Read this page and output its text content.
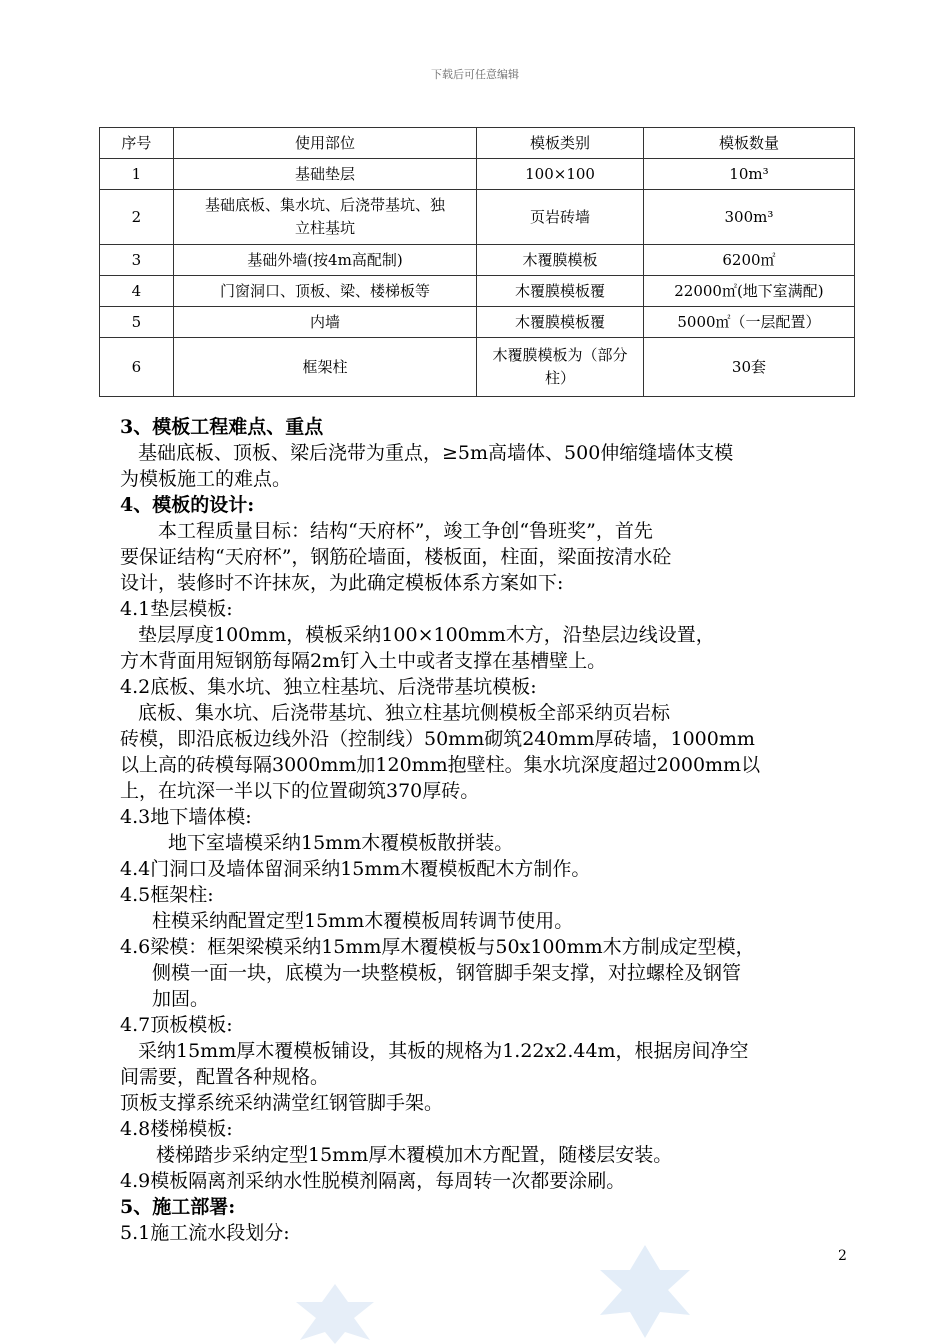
下载后可任意编辑
序号	使用部位	模板类别	模板数量
1	基础垫层	100×100	10m³
2	基础底板、集水坑、后浇带基坑、独立柱基坑	页岩砖墙	300m³
3	基础外墙(按4m高配制)	木覆膜模板	6200㎡
4	门窗洞口、顶板、梁、楼梯板等	木覆膜模板覆	22000㎡(地下室满配)
5	内墙	木覆膜模板覆	5000㎡（一层配置）
6	框架柱	木覆膜模板为（部分柱）	30套
3、模板工程难点、重点
基础底板、顶板、梁后浇带为重点，≥5m高墙体、500伸缩缝墙体支模
为模板施工的难点。
4、模板的设计:
本工程质量目标：结构“天府杯”，竣工争创“鲁班奖”，首先
要保证结构“天府杯”，钢筋砼墙面，楼板面，柱面，梁面按清水砼
设计，装修时不许抹灰，为此确定模板体系方案如下:
4.1垫层模板:
垫层厚度100mm，模板采纳100×100mm木方，沿垫层边线设置，
方木背面用短钢筋每隔2m钉入土中或者支撑在基槽壁上。
4.2底板、集水坑、独立柱基坑、后浇带基坑模板:
底板、集水坑、后浇带基坑、独立柱基坑侧模板全部采纳页岩标
砖模，即沿底板边线外沿（控制线）50mm砌筑240mm厚砖墙，1000mm
以上高的砖模每隔3000mm加120mm抱壁柱。集水坑深度超过2000mm以
上，在坑深一半以下的位置砌筑370厚砖。
4.3地下墙体模:
地下室墙模采纳15mm木覆模板散拼装。
4.4门洞口及墙体留洞采纳15mm木覆模板配木方制作。
4.5框架柱:
柱模采纳配置定型15mm木覆模板周转调节使用。
4.6梁模：框架梁模采纳15mm厚木覆模板与50x100mm木方制成定型模，
侧模一面一块，底模为一块整模板，钢管脚手架支撑，对拉螺栓及钢管
加固。
4.7顶板模板:
采纳15mm厚木覆模板铺设，其板的规格为1.22x2.44m，根据房间净空
间需要，配置各种规格。
顶板支撑系统采纳满堂红钢管脚手架。
4.8楼梯模板:
楼梯踏步采纳定型15mm厚木覆模加木方配置，随楼层安装。
4.9模板隔离剂采纳水性脱模剂隔离，每周转一次都要涂刷。
5、施工部署:
5.1施工流水段划分:
2
